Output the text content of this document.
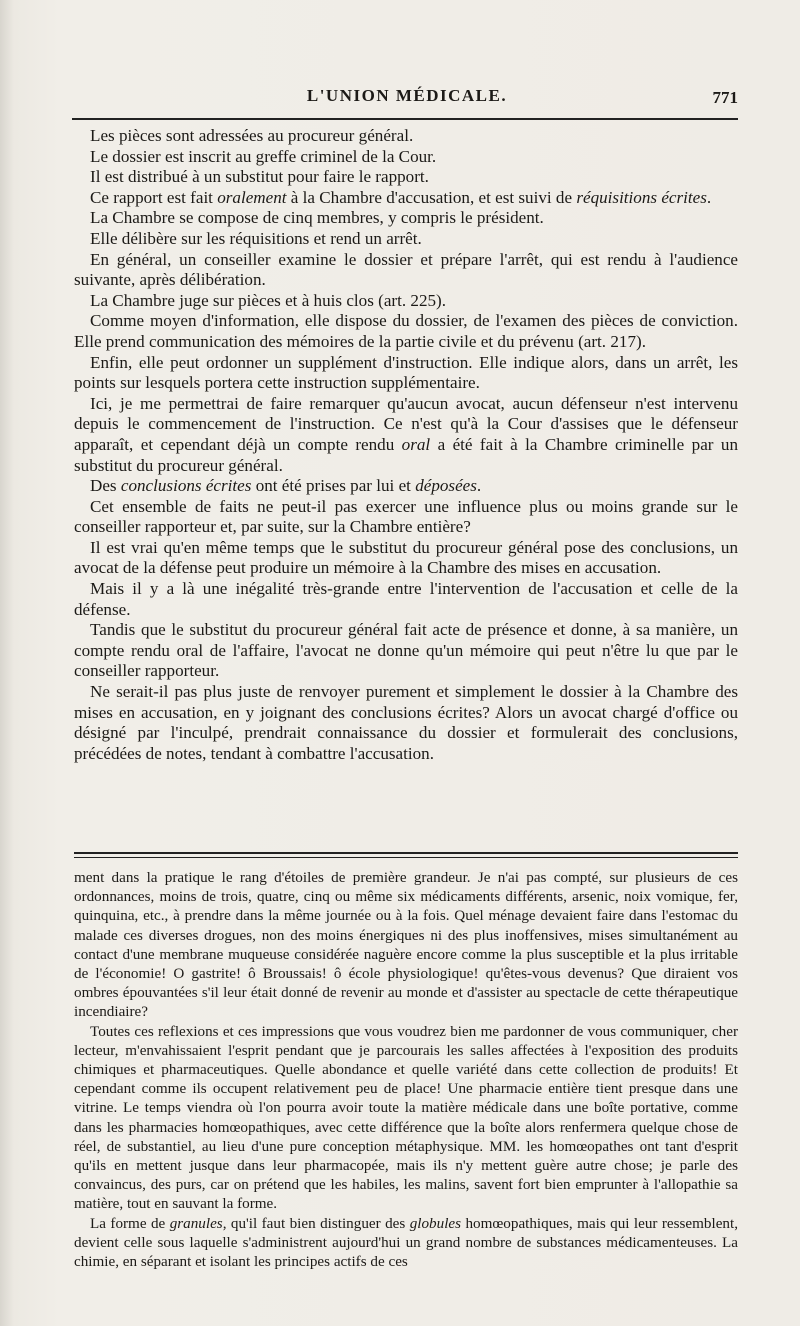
L'UNION MÉDICALE.	771

Les pièces sont adressées au procureur général.

Le dossier est inscrit au greffe criminel de la Cour.

Il est distribué à un substitut pour faire le rapport.

Ce rapport est fait oralement à la Chambre d'accusation, et est suivi de réquisitions écrites.

La Chambre se compose de cinq membres, y compris le président.

Elle délibère sur les réquisitions et rend un arrêt.

En général, un conseiller examine le dossier et prépare l'arrêt, qui est rendu à l'audience suivante, après délibération.

La Chambre juge sur pièces et à huis clos (art. 225).

Comme moyen d'information, elle dispose du dossier, de l'examen des pièces de conviction. Elle prend communication des mémoires de la partie civile et du prévenu (art. 217).

Enfin, elle peut ordonner un supplément d'instruction. Elle indique alors, dans un arrêt, les points sur lesquels portera cette instruction supplémentaire.

Ici, je me permettrai de faire remarquer qu'aucun avocat, aucun défenseur n'est intervenu depuis le commencement de l'instruction. Ce n'est qu'à la Cour d'assises que le défenseur apparaît, et cependant déjà un compte rendu oral a été fait à la Chambre criminelle par un substitut du procureur général.

Des conclusions écrites ont été prises par lui et déposées.

Cet ensemble de faits ne peut-il pas exercer une influence plus ou moins grande sur le conseiller rapporteur et, par suite, sur la Chambre entière?

Il est vrai qu'en même temps que le substitut du procureur général pose des conclusions, un avocat de la défense peut produire un mémoire à la Chambre des mises en accusation.

Mais il y a là une inégalité très-grande entre l'intervention de l'accusation et celle de la défense.

Tandis que le substitut du procureur général fait acte de présence et donne, à sa manière, un compte rendu oral de l'affaire, l'avocat ne donne qu'un mémoire qui peut n'être lu que par le conseiller rapporteur.

Ne serait-il pas plus juste de renvoyer purement et simplement le dossier à la Chambre des mises en accusation, en y joignant des conclusions écrites? Alors un avocat chargé d'office ou désigné par l'inculpé, prendrait connaissance du dossier et formulerait des conclusions, précédées de notes, tendant à combattre l'accusation.

ment dans la pratique le rang d'étoiles de première grandeur. Je n'ai pas compté, sur plusieurs de ces ordonnances, moins de trois, quatre, cinq ou même six médicaments différents, arsenic, noix vomique, fer, quinquina, etc., à prendre dans la même journée ou à la fois. Quel ménage devaient faire dans l'estomac du malade ces diverses drogues, non des moins énergiques ni des plus inoffensives, mises simultanément au contact d'une membrane muqueuse considérée naguère encore comme la plus susceptible et la plus irritable de l'économie! O gastrite! ô Broussais! ô école physiologique! qu'êtes-vous devenus? Que diraient vos ombres épouvantées s'il leur était donné de revenir au monde et d'assister au spectacle de cette thérapeutique incendiaire?

Toutes ces reflexions et ces impressions que vous voudrez bien me pardonner de vous communiquer, cher lecteur, m'envahissaient l'esprit pendant que je parcourais les salles affectées à l'exposition des produits chimiques et pharmaceutiques. Quelle abondance et quelle variété dans cette collection de produits! Et cependant comme ils occupent relativement peu de place! Une pharmacie entière tient presque dans une vitrine. Le temps viendra où l'on pourra avoir toute la matière médicale dans une boîte portative, comme dans les pharmacies homœopathiques, avec cette différence que la boîte alors renfermera quelque chose de réel, de substantiel, au lieu d'une pure conception métaphysique. MM. les homœopathes ont tant d'esprit qu'ils en mettent jusque dans leur pharmacopée, mais ils n'y mettent guère autre chose; je parle des convaincus, des purs, car on prétend que les habiles, les malins, savent fort bien emprunter à l'allopathie sa matière, tout en sauvant la forme.

La forme de granules, qu'il faut bien distinguer des globules homœopathiques, mais qui leur ressemblent, devient celle sous laquelle s'administrent aujourd'hui un grand nombre de substances médicamenteuses. La chimie, en séparant et isolant les principes actifs de ces
